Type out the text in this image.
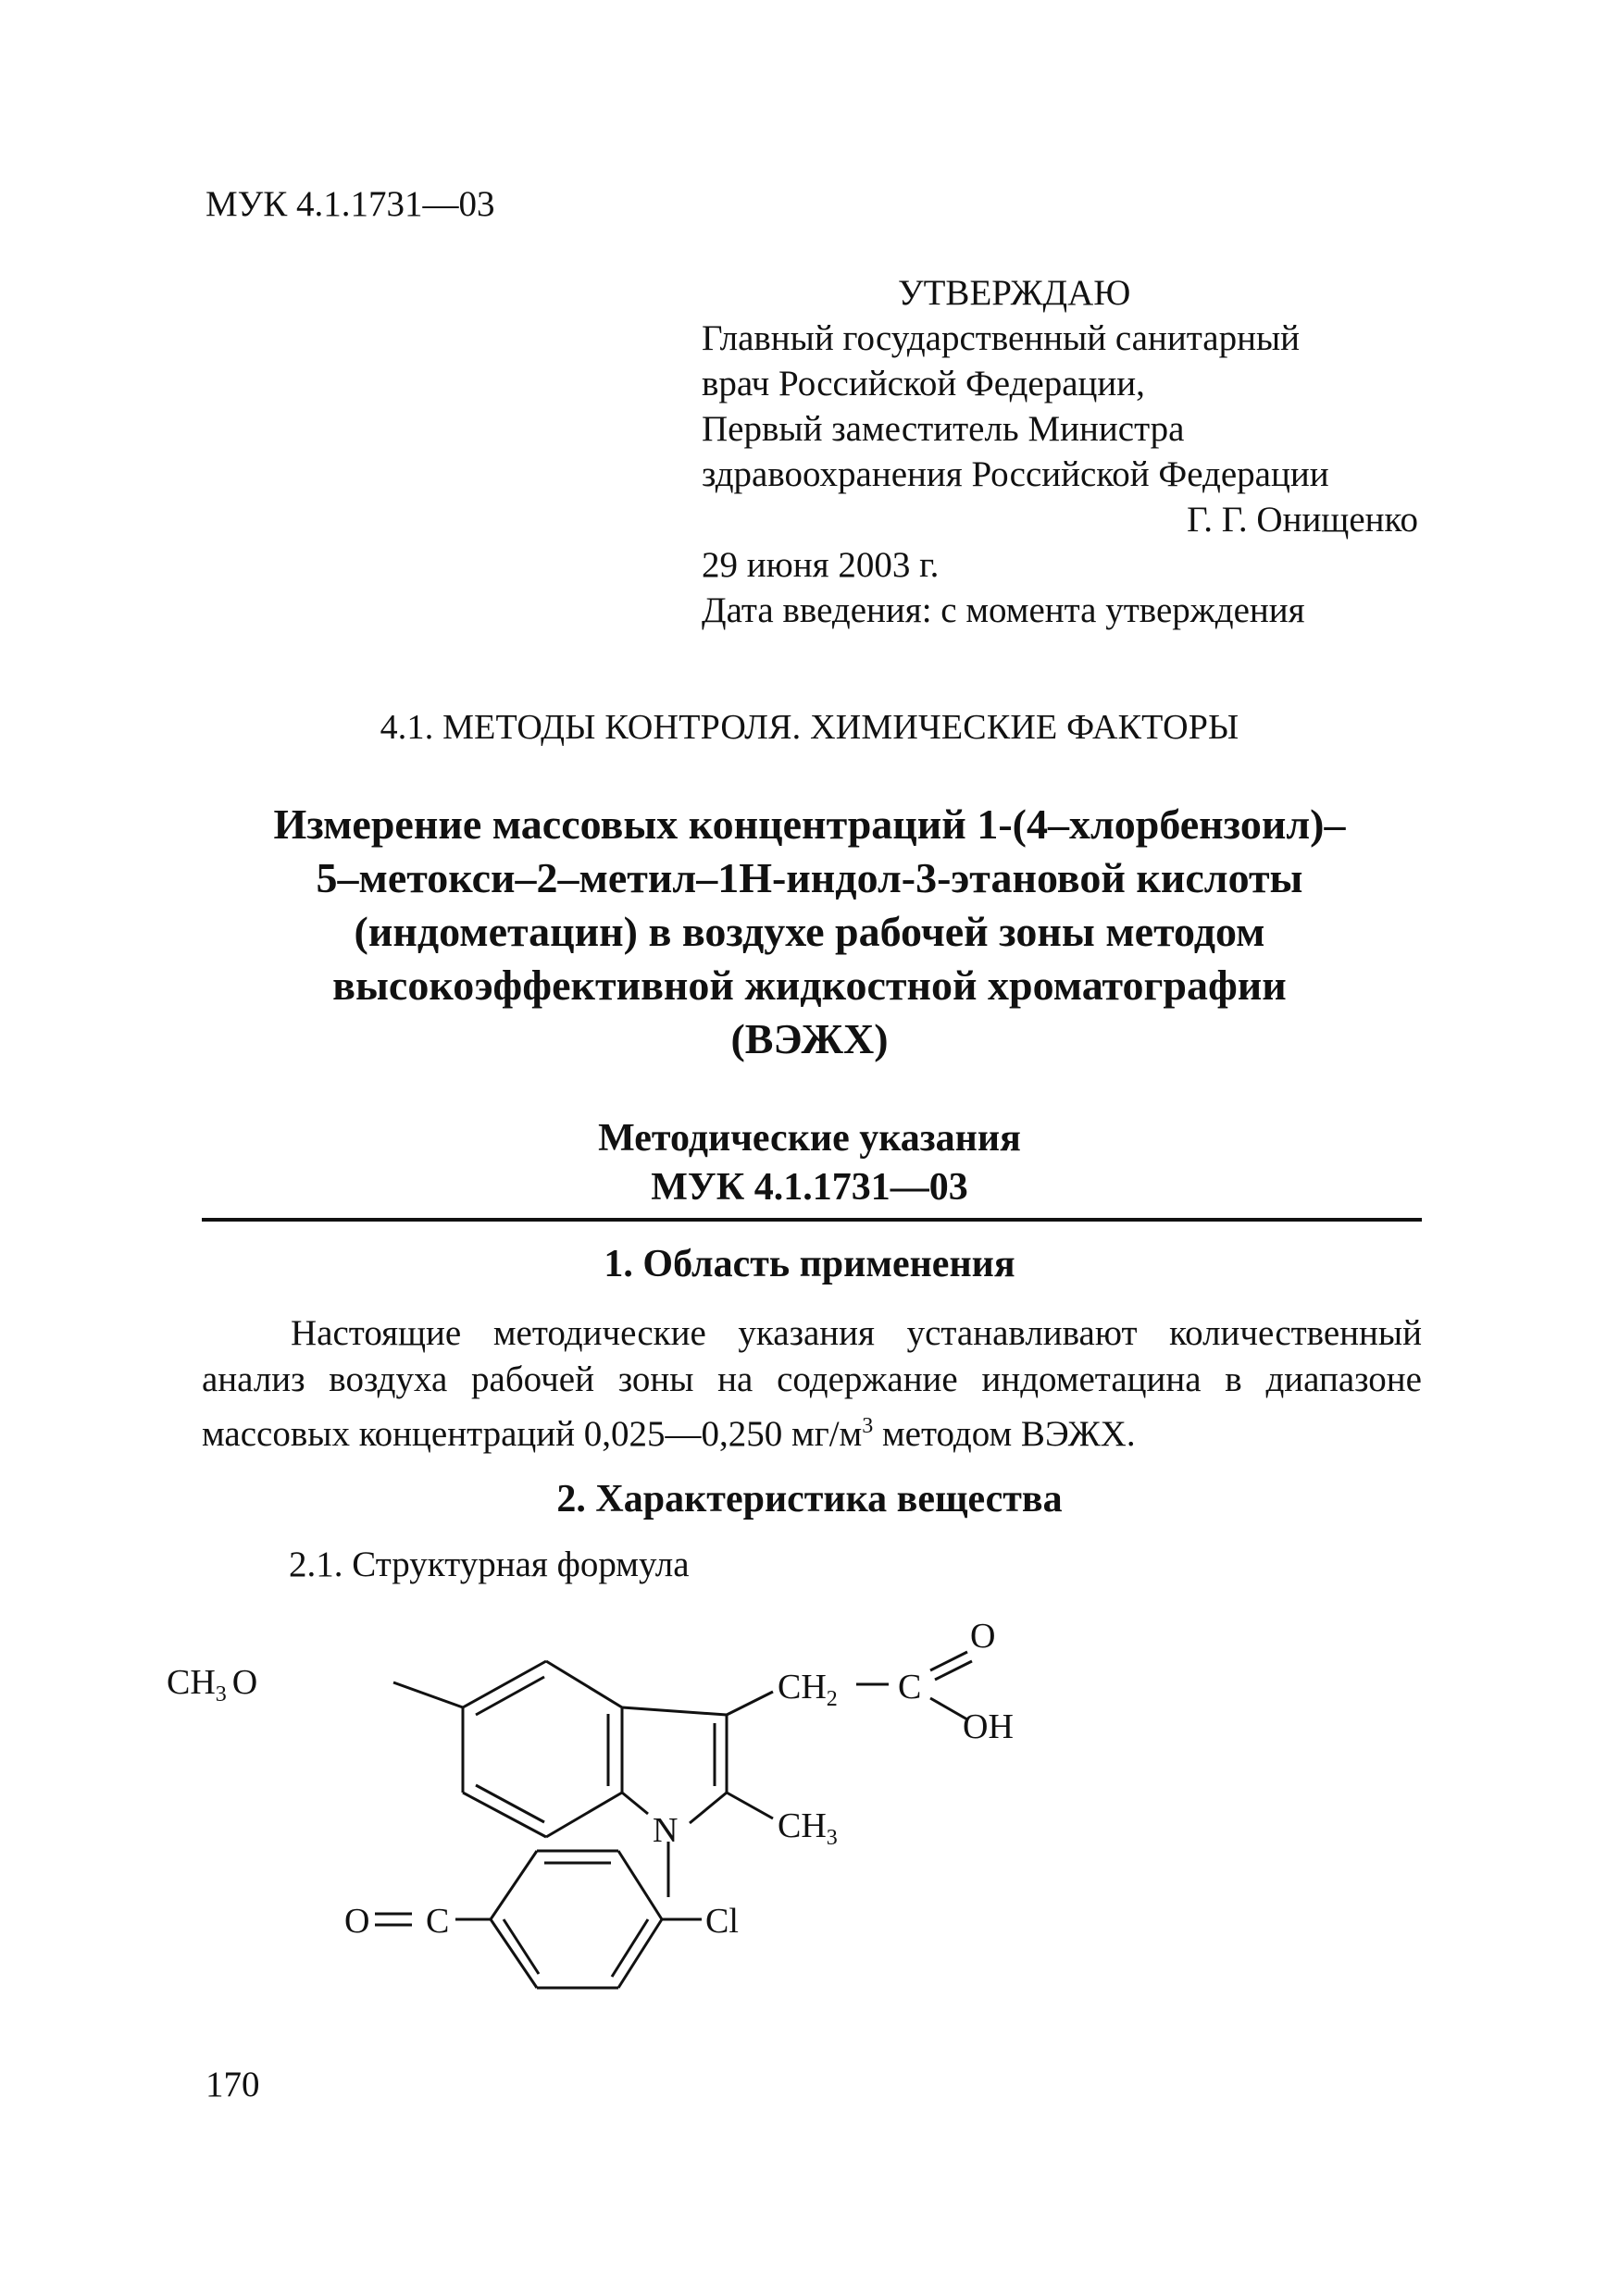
МУК 4.1.1731—03
УТВЕРЖДАЮ
Главный государственный санитарный
врач Российской Федерации,
Первый заместитель Министра
здравоохранения Российской Федерации
Г. Г. Онищенко
29 июня 2003 г.
Дата введения: с момента утверждения
4.1. МЕТОДЫ КОНТРОЛЯ. ХИМИЧЕСКИЕ ФАКТОРЫ
Измерение массовых концентраций 1-(4–хлорбензоил)–
5–метокси–2–метил–1Н-индол-3-этановой кислоты
(индометацин) в воздухе рабочей зоны методом
высокоэффективной жидкостной хроматографии
(ВЭЖХ)
Методические указания
МУК 4.1.1731—03
1. Область применения
Настоящие методические указания устанавливают количественный анализ воздуха рабочей зоны на содержание индометацина в диапазоне массовых концентраций 0,025—0,250 $мг/м^3$ методом ВЭЖХ.
2. Характеристика вещества
2.1. Структурная формула
$CH_3$ O	$CH_2$ C
O
OH
N	$CH_3$
O C	Cl
170
